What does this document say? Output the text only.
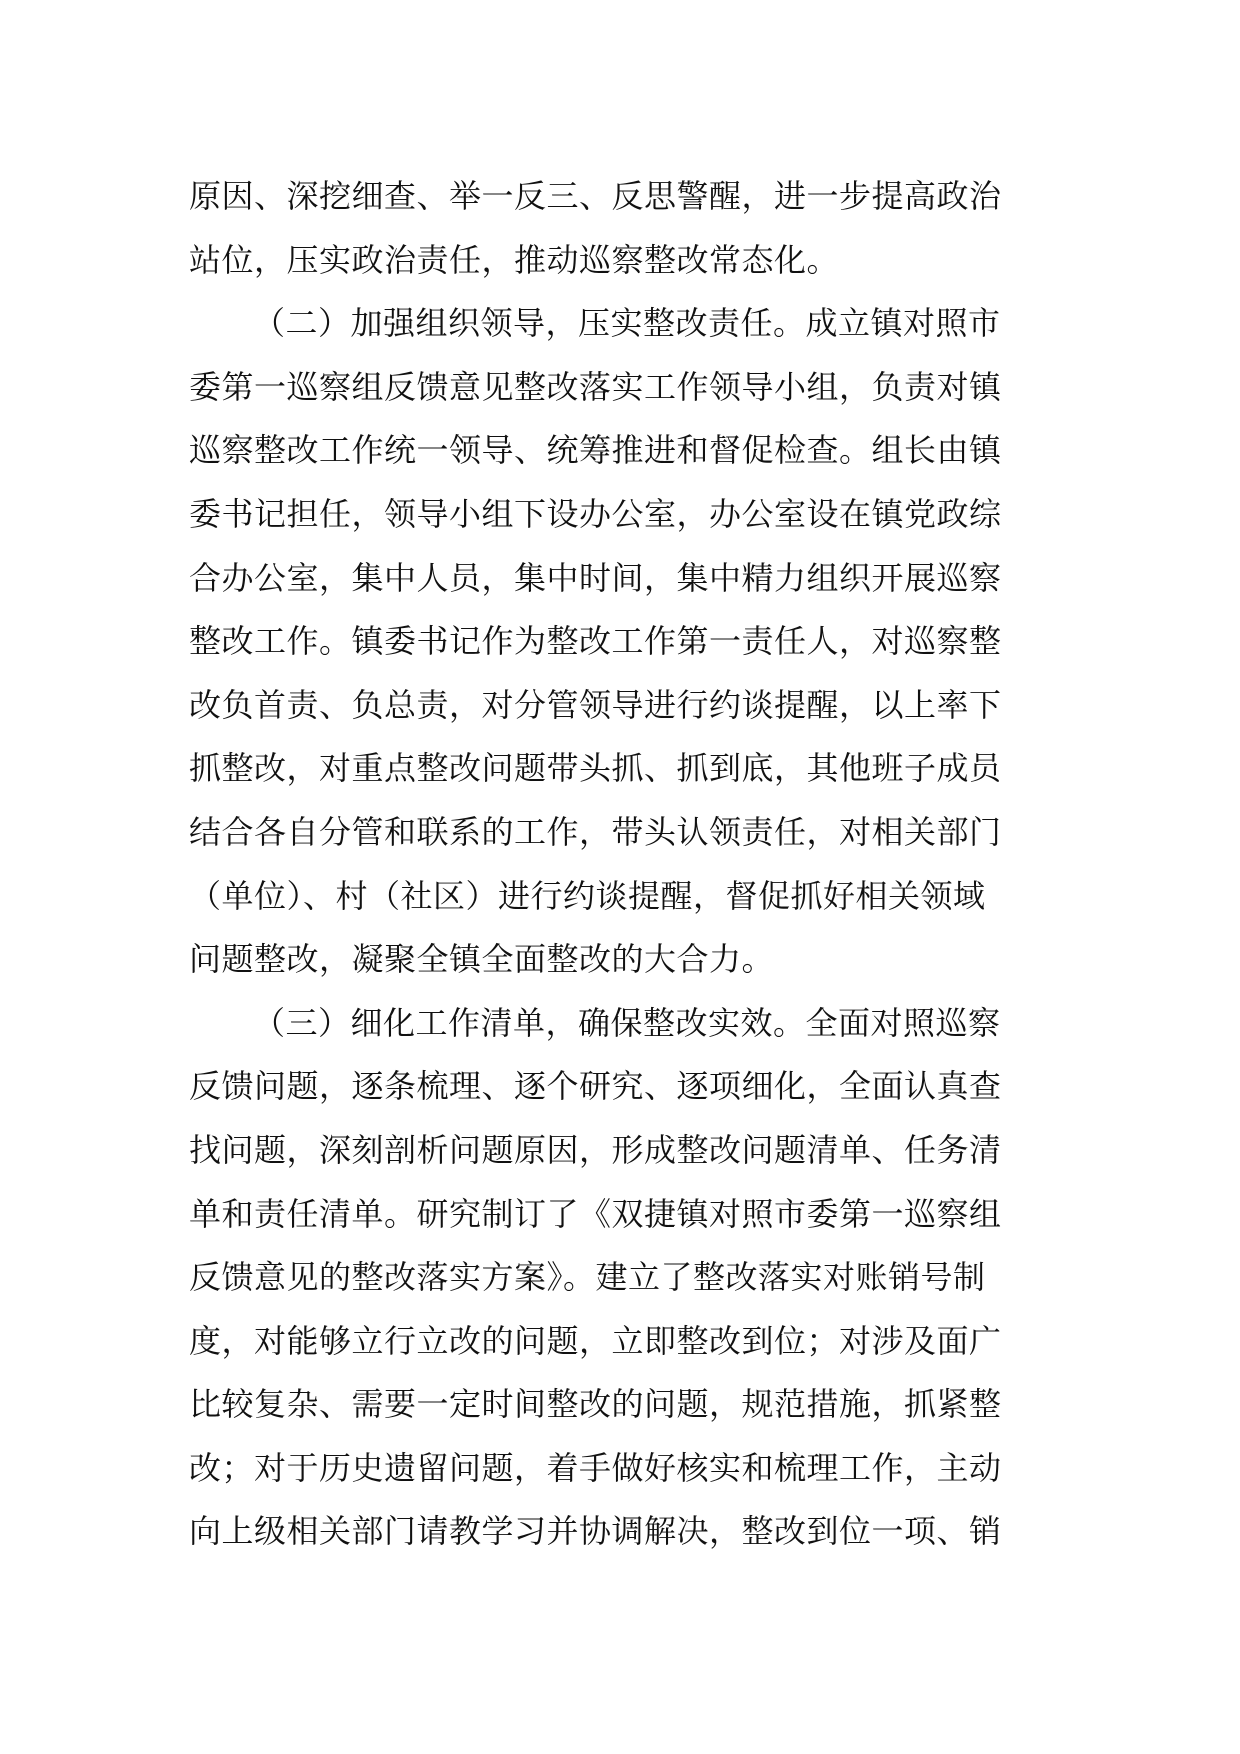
原因、深挖细查、举一反三、反思警醒，进一步提高政治
站位，压实政治责任，推动巡察整改常态化。
（二）加强组织领导，压实整改责任。成立镇对照市
委第一巡察组反馈意见整改落实工作领导小组，负责对镇
巡察整改工作统一领导、统筹推进和督促检查。组长由镇
委书记担任，领导小组下设办公室，办公室设在镇党政综
合办公室，集中人员，集中时间，集中精力组织开展巡察
整改工作。镇委书记作为整改工作第一责任人，对巡察整
改负首责、负总责，对分管领导进行约谈提醒，以上率下
抓整改，对重点整改问题带头抓、抓到底，其他班子成员
结合各自分管和联系的工作，带头认领责任，对相关部门
（单位）、村（社区）进行约谈提醒，督促抓好相关领域
问题整改，凝聚全镇全面整改的大合力。
（三）细化工作清单，确保整改实效。全面对照巡察
反馈问题，逐条梳理、逐个研究、逐项细化，全面认真查
找问题，深刻剖析问题原因，形成整改问题清单、任务清
单和责任清单。研究制订了《双捷镇对照市委第一巡察组
反馈意见的整改落实方案》。建立了整改落实对账销号制
度，对能够立行立改的问题，立即整改到位；对涉及面广
比较复杂、需要一定时间整改的问题，规范措施，抓紧整
改；对于历史遗留问题，着手做好核实和梳理工作，主动
向上级相关部门请教学习并协调解决，整改到位一项、销
